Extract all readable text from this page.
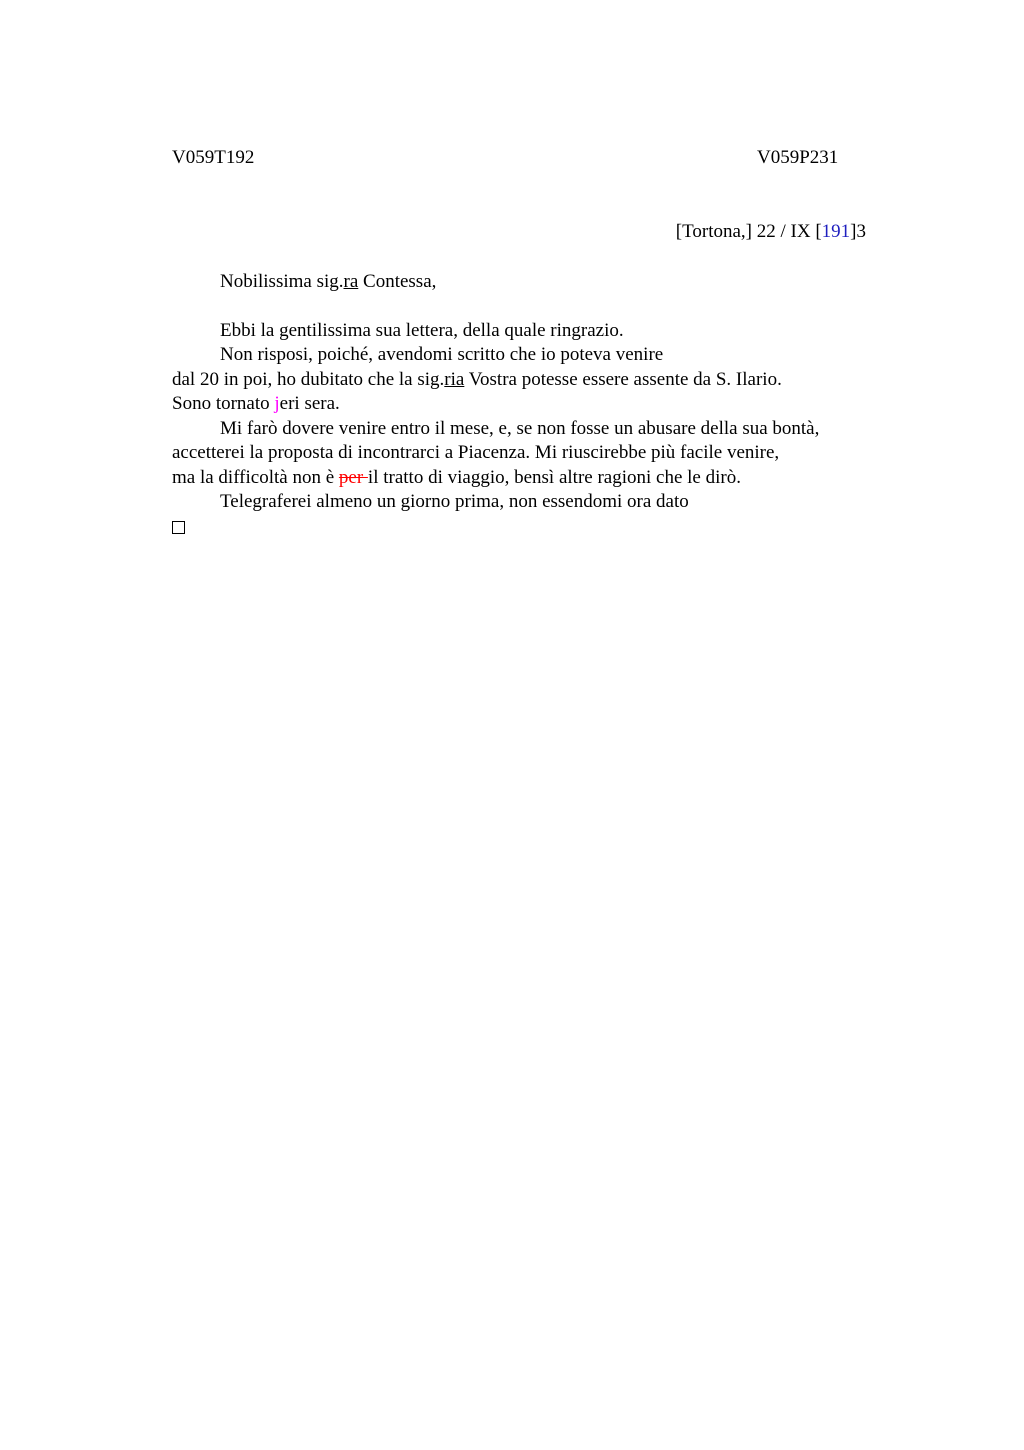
V059T192	V059P231
[Tortona,] 22 / IX [191]3
Nobilissima sig.ra Contessa,
Ebbi la gentilissima sua lettera, della quale ringrazio.
Non risposi, poiché, avendomi scritto che io poteva venire
dal 20 in poi, ho dubitato che la sig.ria Vostra potesse essere assente da S. Ilario.
Sono tornato jeri sera.
Mi farò dovere venire entro il mese, e, se non fosse un abusare della sua bontà,
accetterei la proposta di incontrarci a Piacenza. Mi riuscirebbe più facile venire,
ma la difficoltà non è per il tratto di viaggio, bensì altre ragioni che le dirò.
Telegraferei almeno un giorno prima, non essendomi ora dato
